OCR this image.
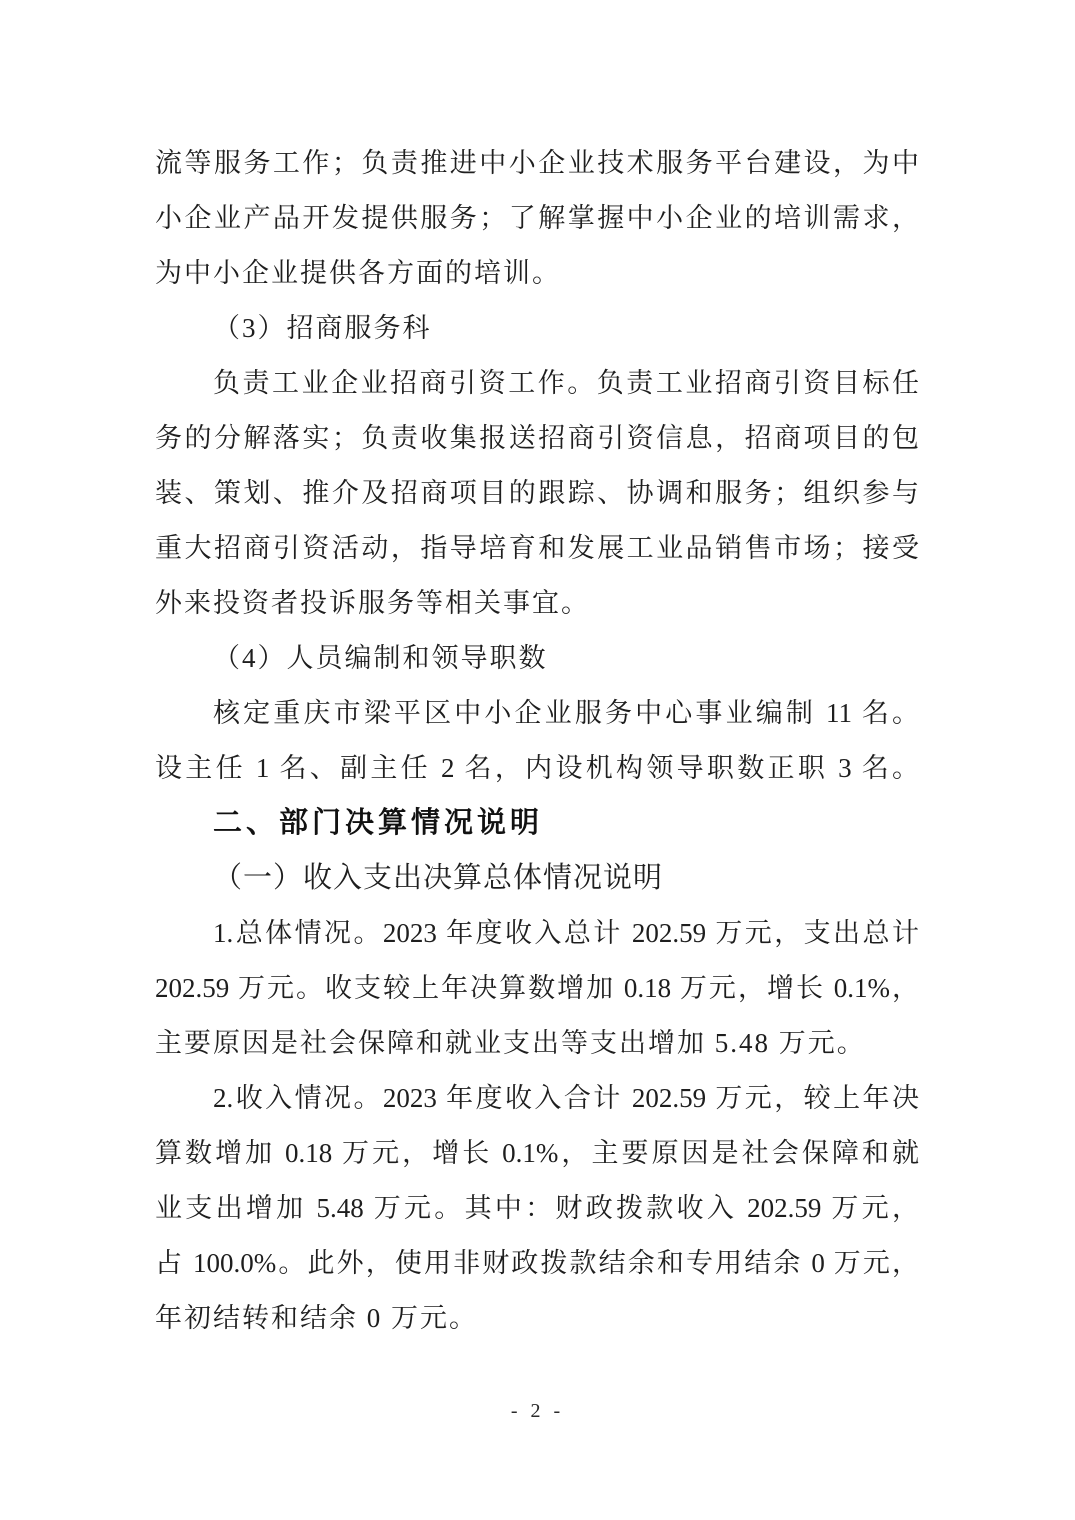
流等服务工作；负责推进中小企业技术服务平台建设，为中
小企业产品开发提供服务；了解掌握中小企业的培训需求，
为中小企业提供各方面的培训。
（3）招商服务科
负责工业企业招商引资工作。负责工业招商引资目标任
务的分解落实；负责收集报送招商引资信息，招商项目的包
装、策划、推介及招商项目的跟踪、协调和服务；组织参与
重大招商引资活动，指导培育和发展工业品销售市场；接受
外来投资者投诉服务等相关事宜。
（4）人员编制和领导职数
核定重庆市梁平区中小企业服务中心事业编制 11 名。
设主任 1 名、副主任 2 名，内设机构领导职数正职 3 名。
二、部门决算情况说明
（一）收入支出决算总体情况说明
1.总体情况。2023 年度收入总计 202.59 万元，支出总计
202.59 万元。收支较上年决算数增加 0.18 万元，增长 0.1%，
主要原因是社会保障和就业支出等支出增加 5.48 万元。
2.收入情况。2023 年度收入合计 202.59 万元，较上年决
算数增加 0.18 万元，增长 0.1%，主要原因是社会保障和就
业支出增加 5.48 万元。其中：财政拨款收入 202.59 万元，
占 100.0%。此外，使用非财政拨款结余和专用结余 0 万元，
年初结转和结余 0 万元。
- 2 -
